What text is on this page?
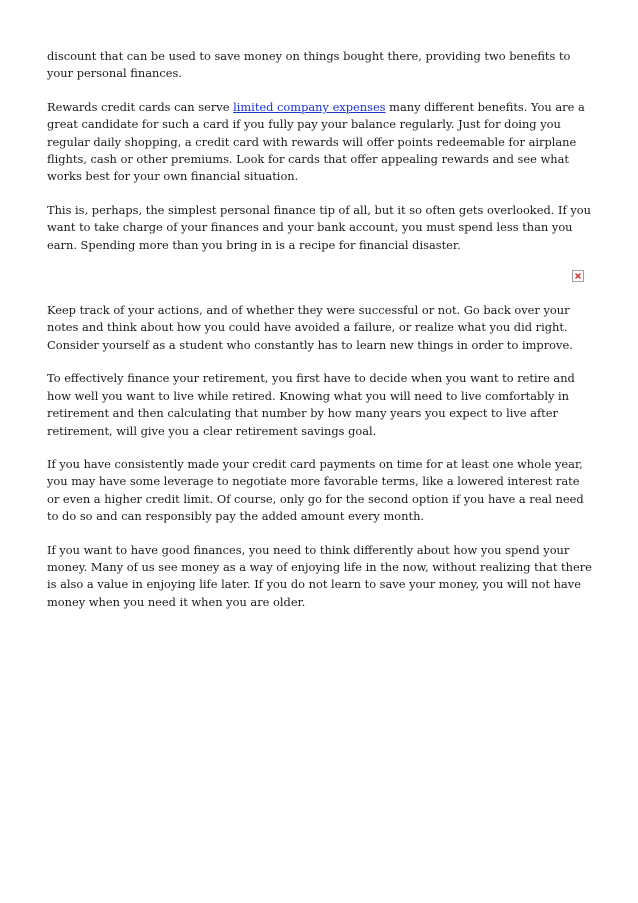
discount that can be used to save money on things bought there, providing two benefits to your personal finances.

Rewards credit cards can serve limited company expenses many different benefits. You are a great candidate for such a card if you fully pay your balance regularly. Just for doing you regular daily shopping, a credit card with rewards will offer points redeemable for airplane flights, cash or other premiums. Look for cards that offer appealing rewards and see what works best for your own financial situation.

This is, perhaps, the simplest personal finance tip of all, but it so often gets overlooked. If you want to take charge of your finances and your bank account, you must spend less than you earn. Spending more than you bring in is a recipe for financial disaster.

Keep track of your actions, and of whether they were successful or not. Go back over your notes and think about how you could have avoided a failure, or realize what you did right. Consider yourself as a student who constantly has to learn new things in order to improve.

To effectively finance your retirement, you first have to decide when you want to retire and how well you want to live while retired. Knowing what you will need to live comfortably in retirement and then calculating that number by how many years you expect to live after retirement, will give you a clear retirement savings goal.

If you have consistently made your credit card payments on time for at least one whole year, you may have some leverage to negotiate more favorable terms, like a lowered interest rate or even a higher credit limit. Of course, only go for the second option if you have a real need to do so and can responsibly pay the added amount every month.

If you want to have good finances, you need to think differently about how you spend your money. Many of us see money as a way of enjoying life in the now, without realizing that there is also a value in enjoying life later. If you do not learn to save your money, you will not have money when you need it when you are older.
